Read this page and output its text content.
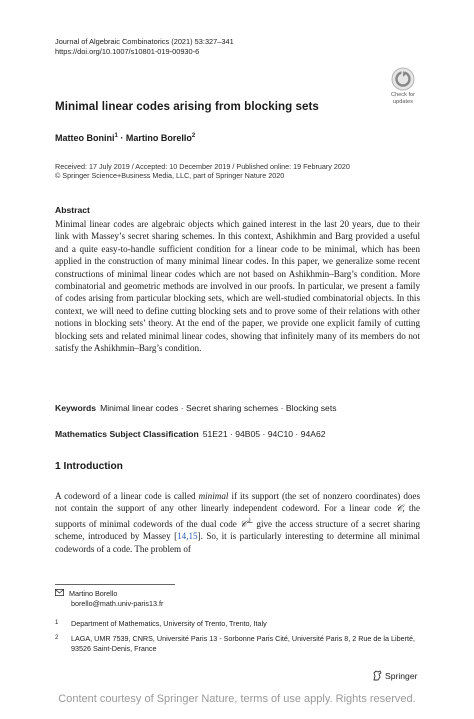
Journal of Algebraic Combinatorics (2021) 53:327–341
https://doi.org/10.1007/s10801-019-00930-6
Check for
updates
Minimal linear codes arising from blocking sets
Matteo Bonini$^1$ · Martino Borello$^2$
Received: 17 July 2019 / Accepted: 10 December 2019 / Published online: 19 February 2020
© Springer Science+Business Media, LLC, part of Springer Nature 2020
Abstract
Minimal linear codes are algebraic objects which gained interest in the last 20 years, due to their link with Massey’s secret sharing schemes. In this context, Ashikhmin and Barg provided a useful and a quite easy-to-handle sufficient condition for a linear code to be minimal, which has been applied in the construction of many minimal linear codes. In this paper, we generalize some recent constructions of minimal linear codes which are not based on Ashikhmin–Barg’s condition. More combinatorial and geometric methods are involved in our proofs. In particular, we present a family of codes arising from particular blocking sets, which are well-studied combinatorial objects. In this context, we will need to define cutting blocking sets and to prove some of their relations with other notions in blocking sets’ theory. At the end of the paper, we provide one explicit family of cutting blocking sets and related minimal linear codes, showing that infinitely many of its members do not satisfy the Ashikhmin–Barg’s condition.
Keywords Minimal linear codes · Secret sharing schemes · Blocking sets
Mathematics Subject Classification 51E21 · 94B05 · 94C10 · 94A62
1 Introduction
A codeword of a linear code is called minimal if its support (the set of nonzero coordinates) does not contain the support of any other linearly independent codeword. For a linear code 𝒞, the supports of minimal codewords of the dual code 𝒞⊥ give the access structure of a secret sharing scheme, introduced by Massey [14,15]. So, it is particularly interesting to determine all minimal codewords of a code. The problem of
Martino Borello
borello@math.univ-paris13.fr
1	Department of Mathematics, University of Trento, Trento, Italy
2	LAGA, UMR 7539, CNRS, Université Paris 13 - Sorbonne Paris Cité, Université Paris 8, 2 Rue de la Liberté, 93526 Saint-Denis, France
Springer
Content courtesy of Springer Nature, terms of use apply. Rights reserved.
